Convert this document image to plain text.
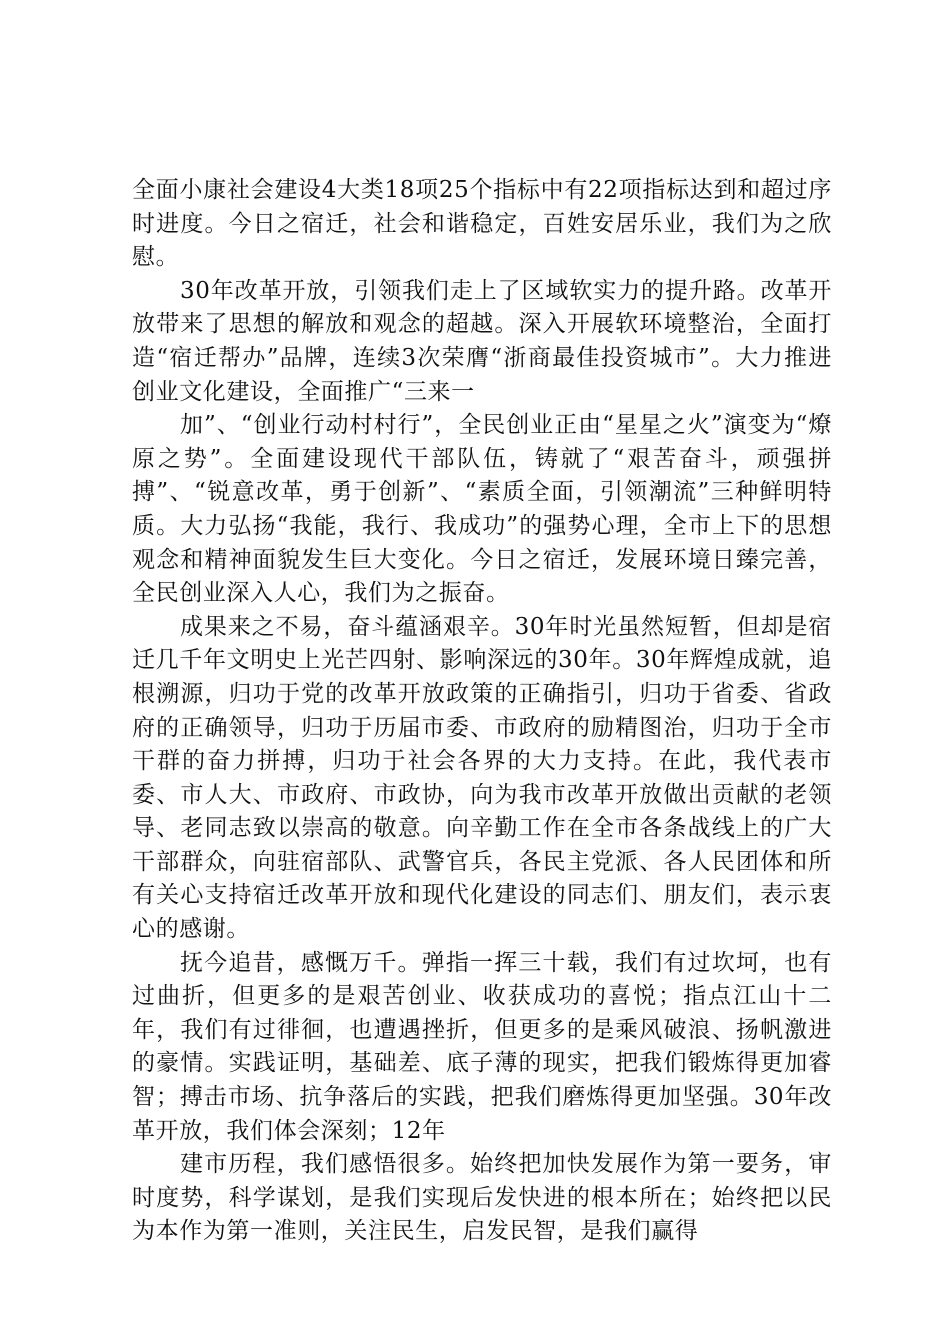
全面小康社会建设4大类18项25个指标中有22项指标达到和超过序时进度。今日之宿迁，社会和谐稳定，百姓安居乐业，我们为之欣慰。

30年改革开放，引领我们走上了区域软实力的提升路。改革开放带来了思想的解放和观念的超越。深入开展软环境整治，全面打造“宿迁帮办”品牌，连续3次荣膺“浙商最佳投资城市”。大力推进创业文化建设，全面推广“三来一

加”、“创业行动村村行”，全民创业正由“星星之火”演变为“燎原之势”。全面建设现代干部队伍，铸就了“艰苦奋斗，顽强拼搏”、“锐意改革，勇于创新”、“素质全面，引领潮流”三种鲜明特质。大力弘扬“我能，我行、我成功”的强势心理，全市上下的思想观念和精神面貌发生巨大变化。今日之宿迁，发展环境日臻完善，全民创业深入人心，我们为之振奋。

成果来之不易，奋斗蕴涵艰辛。30年时光虽然短暂，但却是宿迁几千年文明史上光芒四射、影响深远的30年。30年辉煌成就，追根溯源，归功于党的改革开放政策的正确指引，归功于省委、省政府的正确领导，归功于历届市委、市政府的励精图治，归功于全市干群的奋力拼搏，归功于社会各界的大力支持。在此，我代表市委、市人大、市政府、市政协，向为我市改革开放做出贡献的老领导、老同志致以崇高的敬意。向辛勤工作在全市各条战线上的广大干部群众，向驻宿部队、武警官兵，各民主党派、各人民团体和所有关心支持宿迁改革开放和现代化建设的同志们、朋友们，表示衷心的感谢。

抚今追昔，感慨万千。弹指一挥三十载，我们有过坎坷，也有过曲折，但更多的是艰苦创业、收获成功的喜悦；指点江山十二年，我们有过徘徊，也遭遇挫折，但更多的是乘风破浪、扬帆激进的豪情。实践证明，基础差、底子薄的现实，把我们锻炼得更加睿智；搏击市场、抗争落后的实践，把我们磨炼得更加坚强。30年改革开放，我们体会深刻；12年

建市历程，我们感悟很多。始终把加快发展作为第一要务，审时度势，科学谋划，是我们实现后发快进的根本所在；始终把以民为本作为第一准则，关注民生，启发民智，是我们赢得
